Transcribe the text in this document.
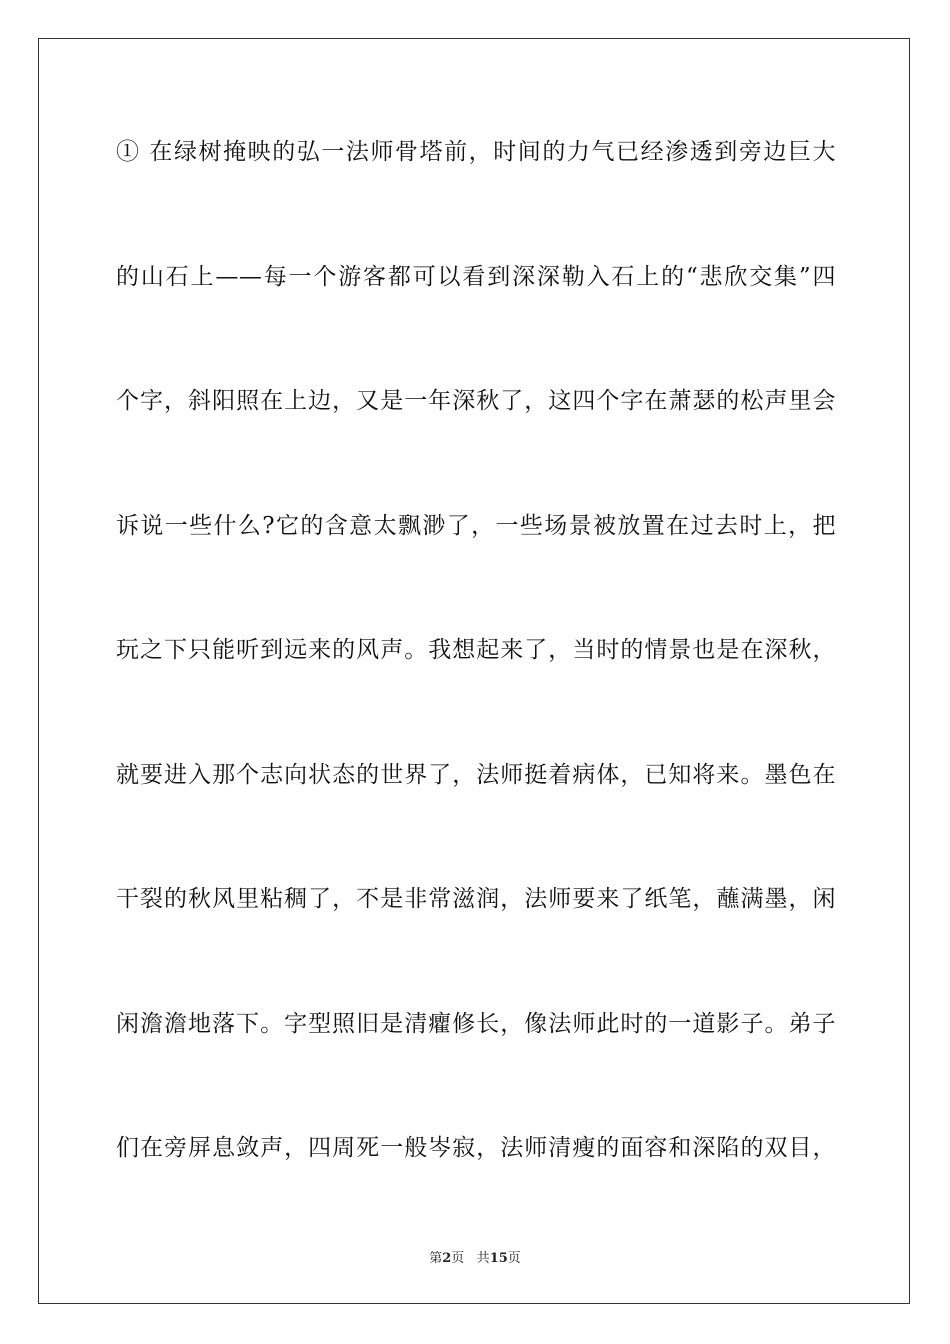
① 在绿树掩映的弘一法师骨塔前，时间的力气已经渗透到旁边巨大
的山石上——每一个游客都可以看到深深勒入石上的“悲欣交集”四
个字，斜阳照在上边，又是一年深秋了，这四个字在萧瑟的松声里会
诉说一些什么?它的含意太飘渺了，一些场景被放置在过去时上，把
玩之下只能听到远来的风声。我想起来了，当时的情景也是在深秋，
就要进入那个志向状态的世界了，法师挺着病体，已知将来。墨色在
干裂的秋风里粘稠了，不是非常滋润，法师要来了纸笔，蘸满墨，闲
闲澹澹地落下。字型照旧是清癯修长，像法师此时的一道影子。弟子
们在旁屏息敛声，四周死一般岑寂，法师清瘦的面容和深陷的双目，
第2页 共15页
